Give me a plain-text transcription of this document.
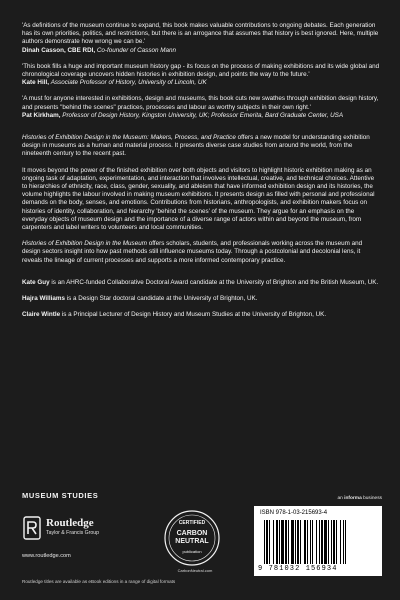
'As definitions of the museum continue to expand, this book makes valuable contributions to ongoing debates. Each generation has its own priorities, politics, and restrictions, but there is an arrogance that assumes that history is best ignored. Here, multiple authors demonstrate how wrong we can be.'

Dinah Casson, CBE RDI, Co-founder of Casson Mann

'This book fills a huge and important museum history gap - its focus on the process of making exhibitions and its wide global and chronological coverage uncovers hidden histories in exhibition design, and points the way to the future.'

Kate Hill, Associate Professor of History, University of Lincoln, UK

'A must for anyone interested in exhibitions, design and museums, this book cuts new swathes through exhibition design history, and presents "behind the scenes" practices, processes and labour as worthy subjects in their own right.'

Pat Kirkham, Professor of Design History, Kingston University, UK; Professor Emerita, Bard Graduate Center, USA

Histories of Exhibition Design in the Museum: Makers, Process, and Practice offers a new model for understanding exhibition design in museums as a human and material process. It presents diverse case studies from around the world, from the nineteenth century to the recent past.

It moves beyond the power of the finished exhibition over both objects and visitors to highlight historic exhibition making as an ongoing task of adaptation, experimentation, and interaction that involves intellectual, creative, and technical choices. Attentive to hierarchies of ethnicity, race, class, gender, sexuality, and ableism that have informed exhibition design and its histories, the volume highlights the labour involved in making museum exhibitions. It presents design as filled with personal and professional demands on the body, senses, and emotions. Contributions from historians, anthropologists, and exhibition makers focus on histories of identity, collaboration, and hierarchy 'behind the scenes' of the museum. They argue for an emphasis on the everyday objects of museum design and the importance of a diverse range of actors within and beyond the museum, from carpenters and label writers to volunteers and local communities.

Histories of Exhibition Design in the Museum offers scholars, students, and professionals working across the museum and design sectors insight into how past methods still influence museums today. Through a postcolonial and decolonial lens, it reveals the lineage of current processes and supports a more informed contemporary practice.

Kate Guy is an AHRC-funded Collaborative Doctoral Award candidate at the University of Brighton and the British Museum, UK.

Hajra Williams is a Design Star doctoral candidate at the University of Brighton, UK.

Claire Wintle is a Principal Lecturer of Design History and Museum Studies at the University of Brighton, UK.

MUSEUM STUDIES
Routledge
Taylor & Francis Group
www.routledge.com
Routledge titles are available as eBook editions in a range of digital formats
CERTIFIED
CARBON
NEUTRAL
publication
CarbonNeutral.com
an informa business
ISBN 978-1-03-215693-4
9 781032 156934
